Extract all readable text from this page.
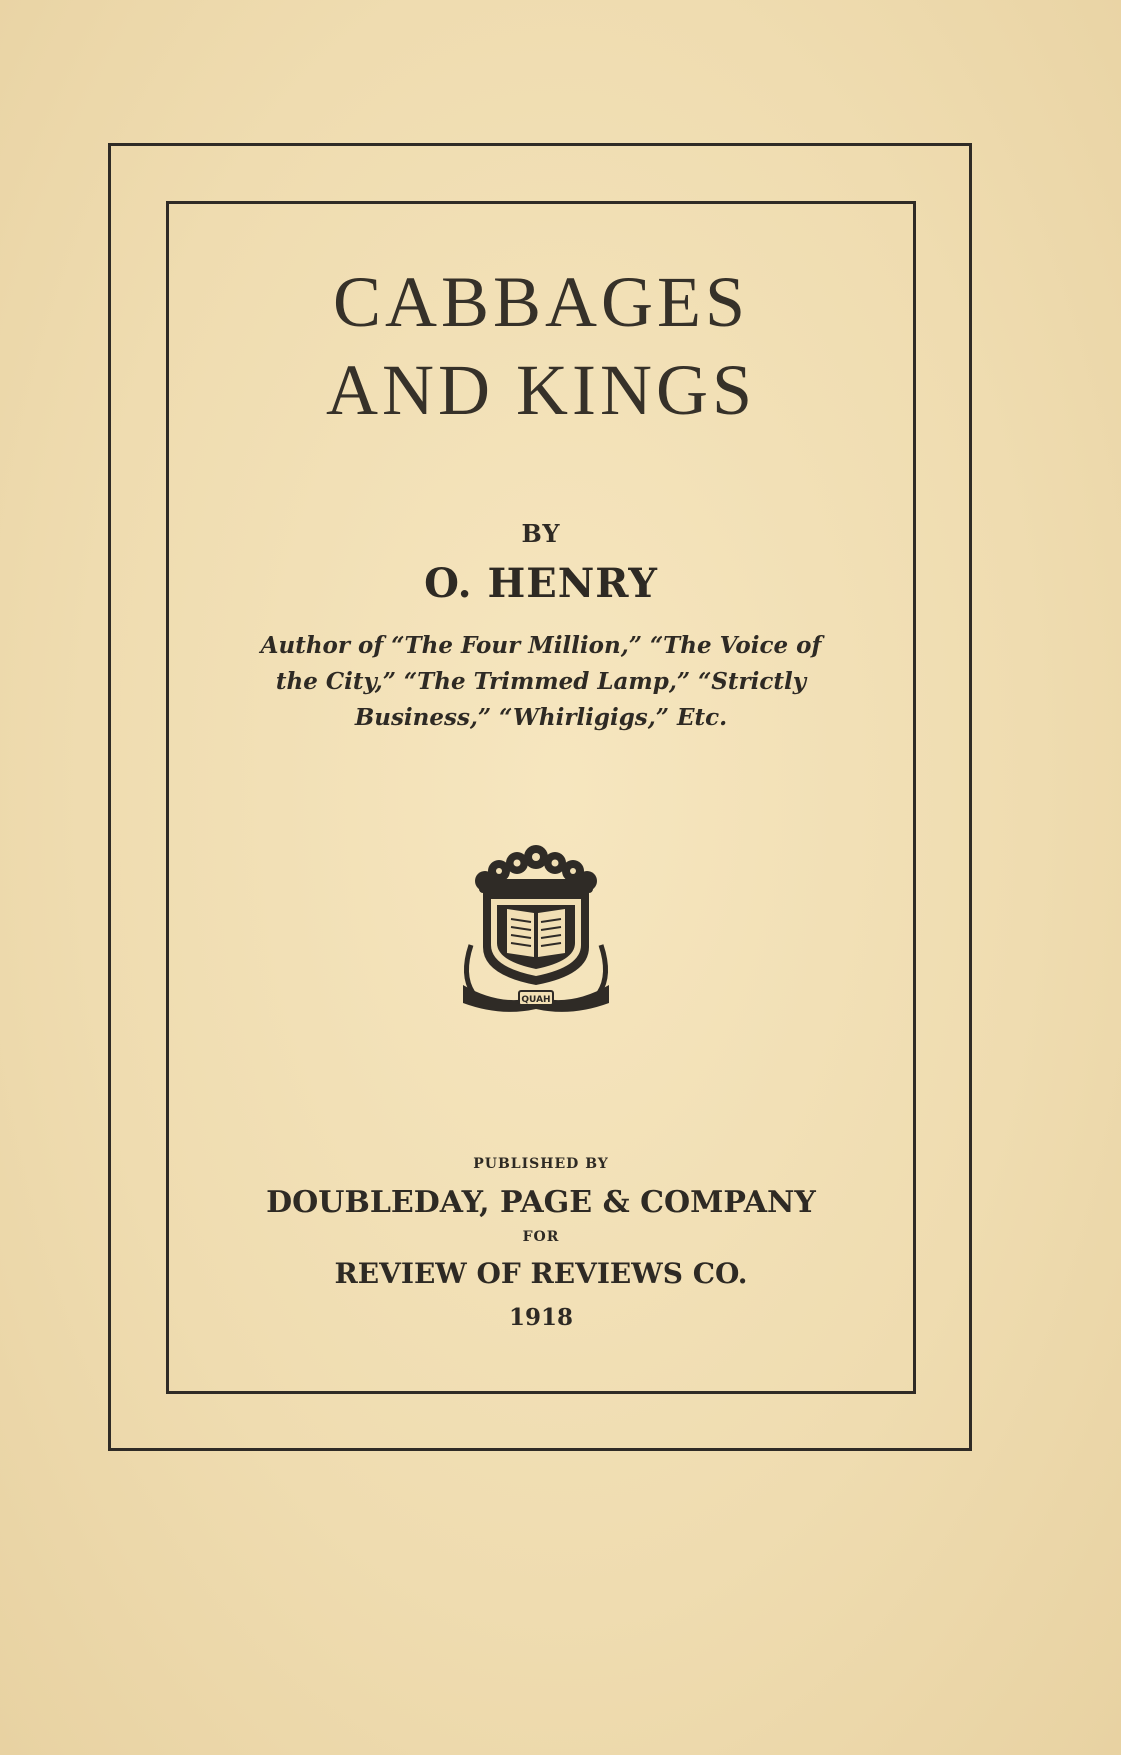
CABBAGES
AND KINGS
BY
O. HENRY
Author of “The Four Million,” “The Voice of
the City,” “The Trimmed Lamp,” “Strictly
Business,” “Whirligigs,” Etc.
QUAH
PUBLISHED BY
DOUBLEDAY, PAGE & COMPANY
FOR
REVIEW OF REVIEWS CO.
1918
